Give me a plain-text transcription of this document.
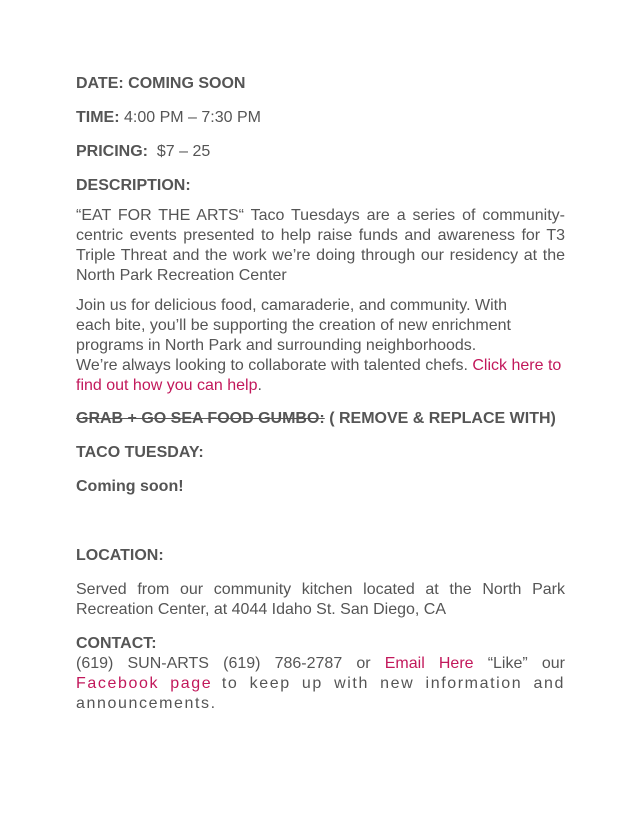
DATE: COMING SOON

TIME: 4:00 PM – 7:30 PM

PRICING: $7 – 25

DESCRIPTION:

“EAT FOR THE ARTS“ Taco Tuesdays are a series of community-centric events presented to help raise funds and awareness for T3 Triple Threat and the work we’re doing through our residency at the North Park Recreation Center

Join us for delicious food, camaraderie, and community. With
each bite, you’ll be supporting the creation of new enrichment
programs in North Park and surrounding neighborhoods.
We’re always looking to collaborate with talented chefs. Click here to find out how you can help.

GRAB + GO SEA FOOD GUMBO: ( REMOVE & REPLACE WITH)

TACO TUESDAY:

Coming soon!

LOCATION:

Served from our community kitchen located at the North Park Recreation Center, at 4044 Idaho St. San Diego, CA

CONTACT:

(619) SUN-ARTS (619) 786-2787 or Email Here “Like” our Facebook page to keep up with new information and announcements.
